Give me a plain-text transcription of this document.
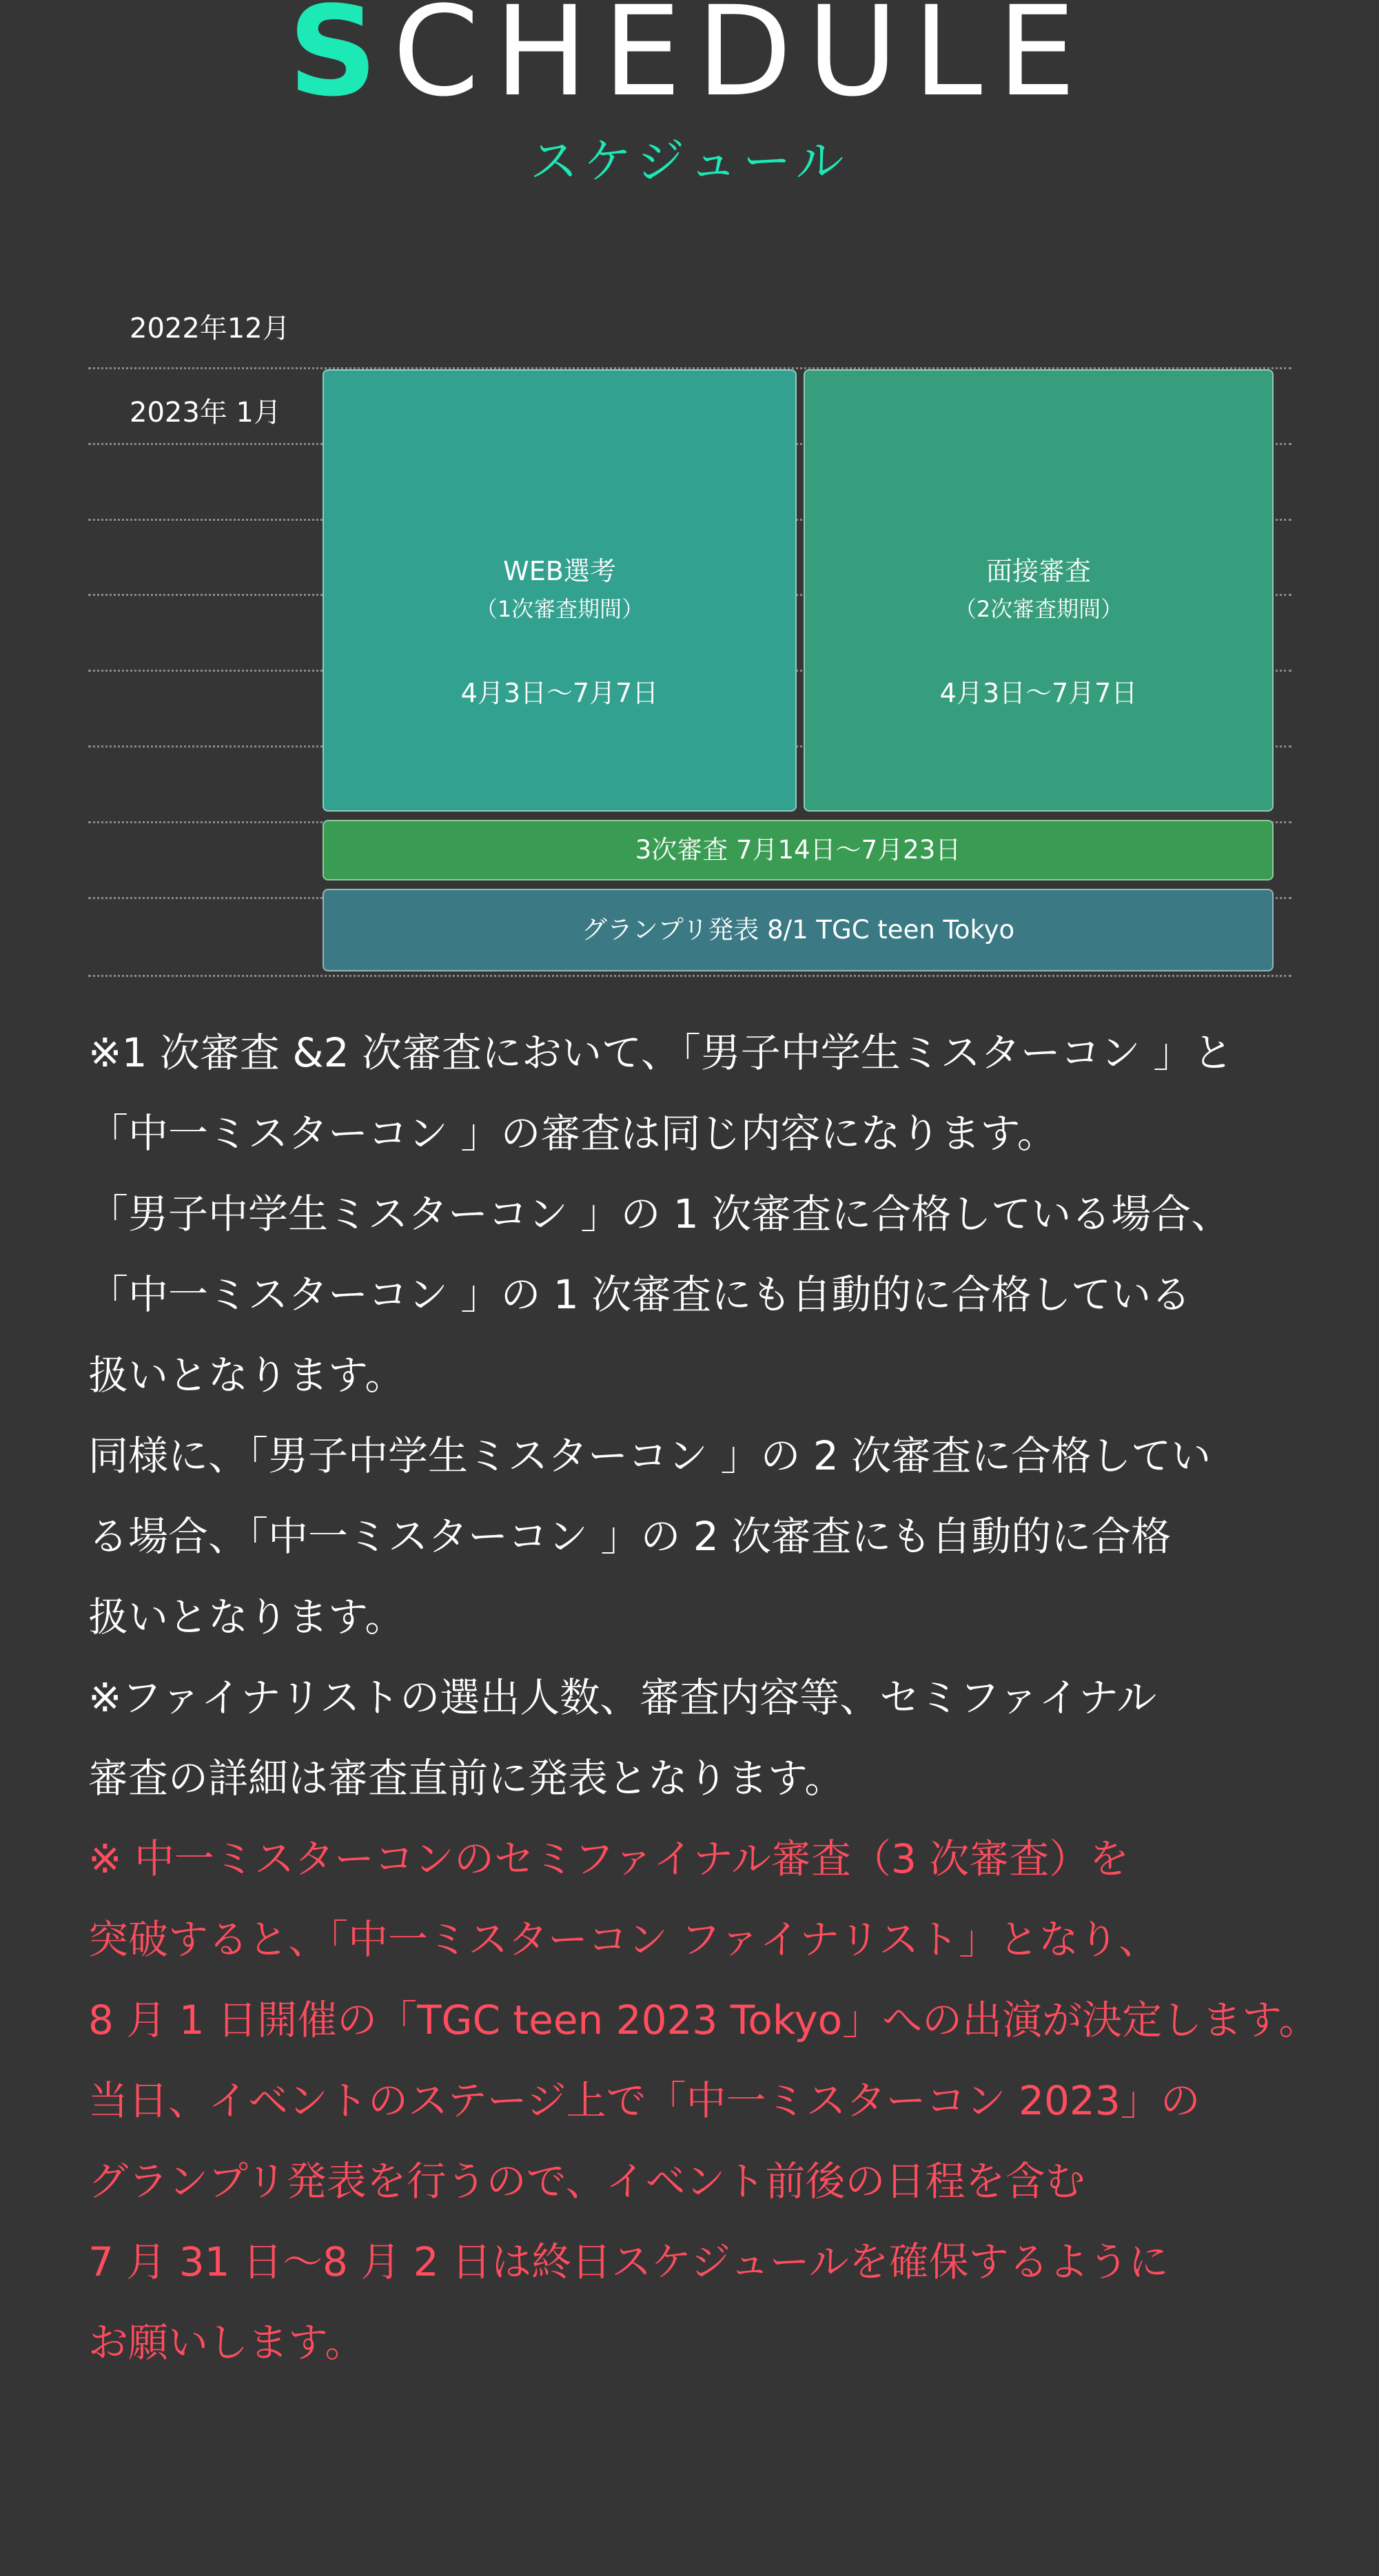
SCHEDULE
スケジュール
2022年12月
2023年 1月
WEB選考
（1次審査期間）
4月3日〜7月7日
面接審査
（2次審査期間）
4月3日〜7月7日
3次審査 7月14日〜7月23日
グランプリ発表 8/1 TGC teen Tokyo

※1 次審査 &2 次審査において、「男子中学生ミスターコン 」と

「中一ミスターコン 」の審査は同じ内容になります。

「男子中学生ミスターコン 」の 1 次審査に合格している場合、

「中一ミスターコン 」の 1 次審査にも自動的に合格している

扱いとなります。

同様に、「男子中学生ミスターコン 」の 2 次審査に合格してい

る場合、「中一ミスターコン 」の 2 次審査にも自動的に合格

扱いとなります。

※ファイナリストの選出人数、審査内容等、セミファイナル

審査の詳細は審査直前に発表となります。

※ 中一ミスターコンのセミファイナル審査（3 次審査）を

突破すると、「中一ミスターコン ファイナリスト」となり、

8 月 1 日開催の「TGC teen 2023 Tokyo」への出演が決定します。

当日、イベントのステージ上で「中一ミスターコン 2023」の

グランプリ発表を行うので、イベント前後の日程を含む

7 月 31 日〜8 月 2 日は終日スケジュールを確保するように

お願いします。
